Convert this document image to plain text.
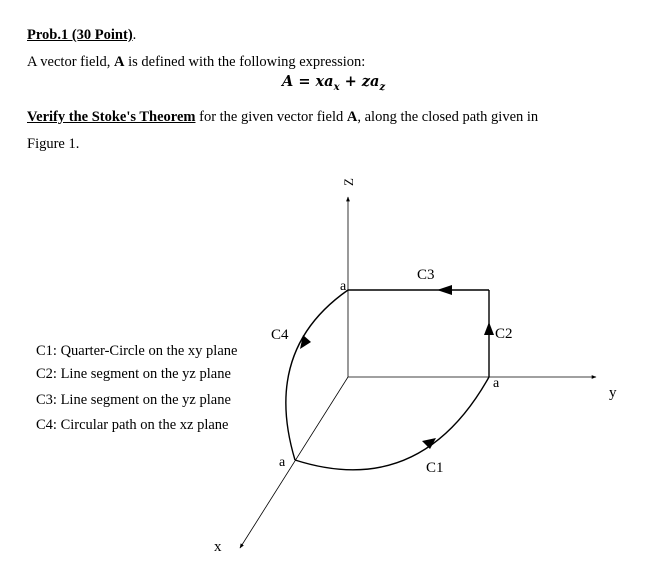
Prob.1 (30 Point).
A vector field, A is defined with the following expression:
$A = xa_x + za_z$
Verify the Stoke's Theorem for the given vector field A, along the closed path given in
Figure 1.
C1: Quarter-Circle on the xy plane
C2: Line segment on the yz plane
C3: Line segment on the yz plane
C4: Circular path on the xz plane
Z
y
x
a
a
a	C1
C2
C3
C4
